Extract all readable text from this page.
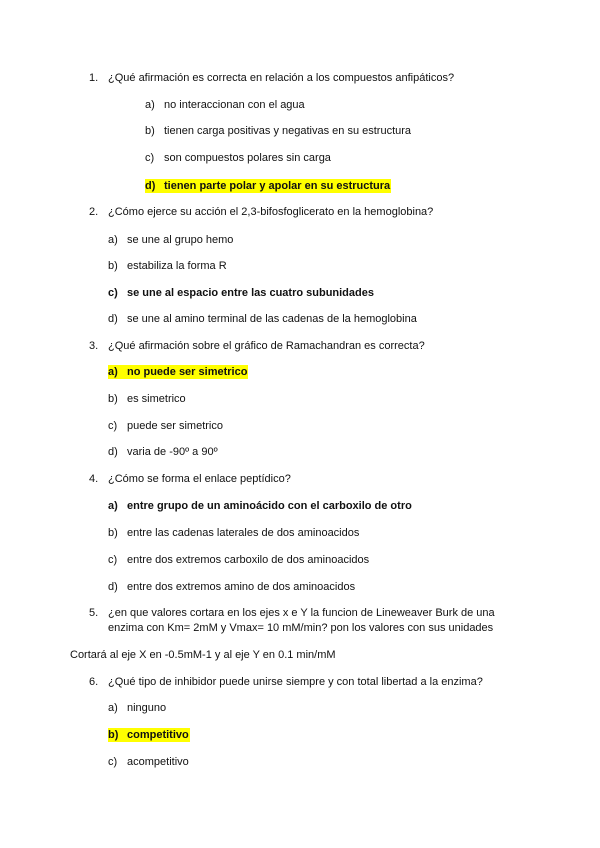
1. ¿Qué afirmación es correcta en relación a los compuestos anfipáticos?
a) no interaccionan con el agua
b) tienen carga positivas y negativas en su estructura
c) son compuestos polares sin carga
d) tienen parte polar y apolar en su estructura
2. ¿Cómo ejerce su acción el 2,3-bifosfoglicerato en la hemoglobina?
a) se une al grupo hemo
b) estabiliza la forma R
c) se une al espacio entre las cuatro subunidades
d) se une al amino terminal de las cadenas de la hemoglobina
3. ¿Qué afirmación sobre el gráfico de Ramachandran es correcta?
a) no puede ser simetrico
b) es simetrico
c) puede ser simetrico
d) varia de -90º a 90º
4. ¿Cómo se forma el enlace peptídico?
a) entre grupo de un aminoácido con el carboxilo de otro
b) entre las cadenas laterales de dos aminoacidos
c) entre dos extremos carboxilo de dos aminoacidos
d) entre dos extremos amino de dos aminoacidos
5. ¿en que valores cortara en los ejes x e Y la funcion de Lineweaver Burk de una
enzima con Km= 2mM y Vmax= 10 mM/min? pon los valores con sus unidades
Cortará al eje X en -0.5mM-1 y al eje Y en 0.1 min/mM
6. ¿Qué tipo de inhibidor puede unirse siempre y con total libertad a la enzima?
a) ninguno
b) competitivo
c) acompetitivo
